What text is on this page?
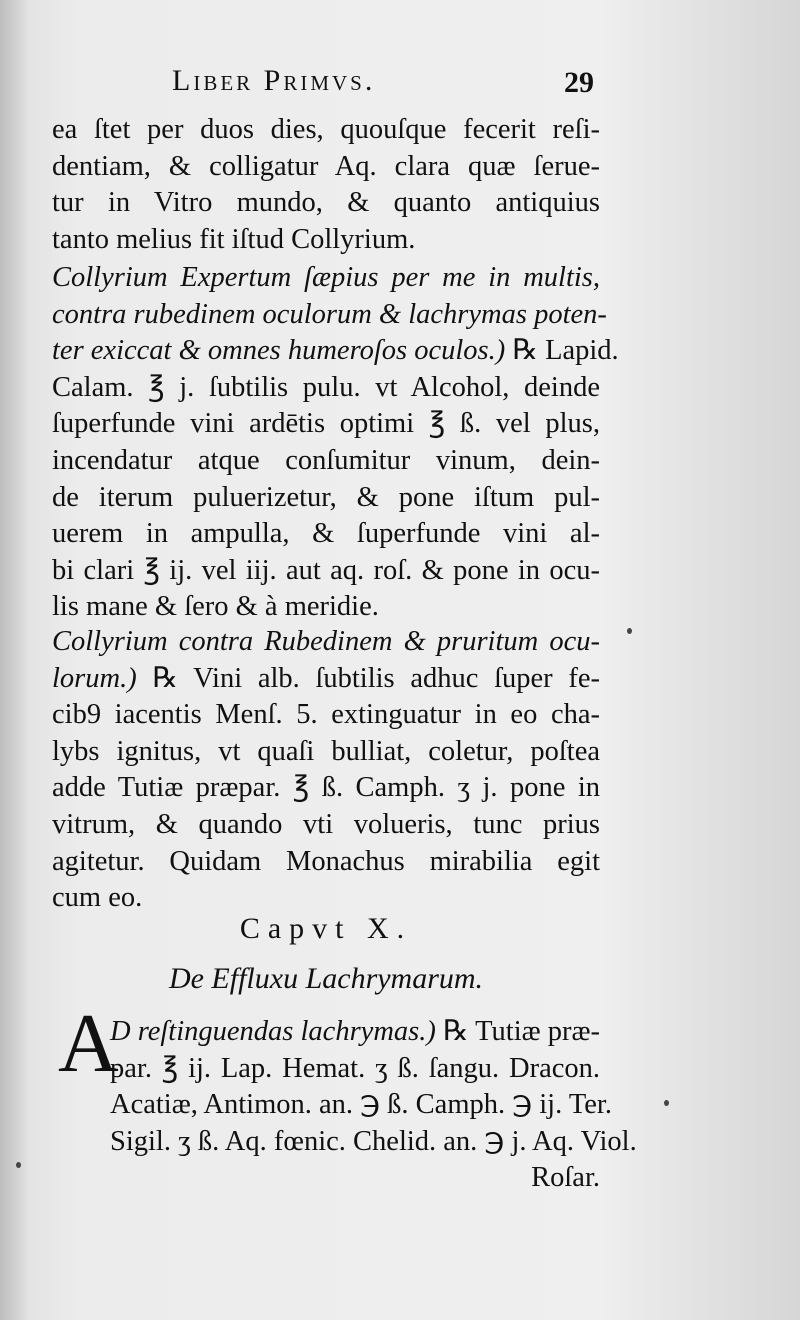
Liber Primvs.	29
ea ſtet per duos dies, quouſque fecerit reſi-
dentiam, & colligatur Aq. clara quæ ſerue-
tur in Vitro mundo, & quanto antiquius
tanto melius fit iſtud Collyrium.
Collyrium Expertum ſæpius per me in multis,
contra rubedinem oculorum & lachrymas poten-
ter exiccat & omnes humeroſos oculos.) ℞ Lapid.
Calam. ℥ j. ſubtilis pulu. vt Alcohol, deinde
ſuperfunde vini ardētis optimi ℥ ß. vel plus,
incendatur atque conſumitur vinum, dein-
de iterum puluerizetur, & pone iſtum pul-
uerem in ampulla, & ſuperfunde vini al-
bi clari ℥ ij. vel iij. aut aq. roſ. & pone in ocu-
lis mane & ſero & à meridie.
Collyrium contra Rubedinem & pruritum ocu-
lorum.) ℞ Vini alb. ſubtilis adhuc ſuper fe-
cib9 iacentis Menſ. 5. extinguatur in eo cha-
lybs ignitus, vt quaſi bulliat, coletur, poſtea
adde Tutiæ præpar. ℥ ß. Camph. ʒ j. pone in
vitrum, & quando vti volueris, tunc prius
agitetur. Quidam Monachus mirabilia egit
cum eo.
Capvt X.
De Effluxu Lachrymarum.
A
D reſtinguendas lachrymas.) ℞ Tutiæ præ-
par. ℥ ij. Lap. Hemat. ʒ ß. ſangu. Dracon.
Acatiæ, Antimon. an. ℈ ß. Camph. ℈ ij. Ter.
Sigil. ʒ ß. Aq. fœnic. Chelid. an. ℈ j. Aq. Viol.
Roſar.
